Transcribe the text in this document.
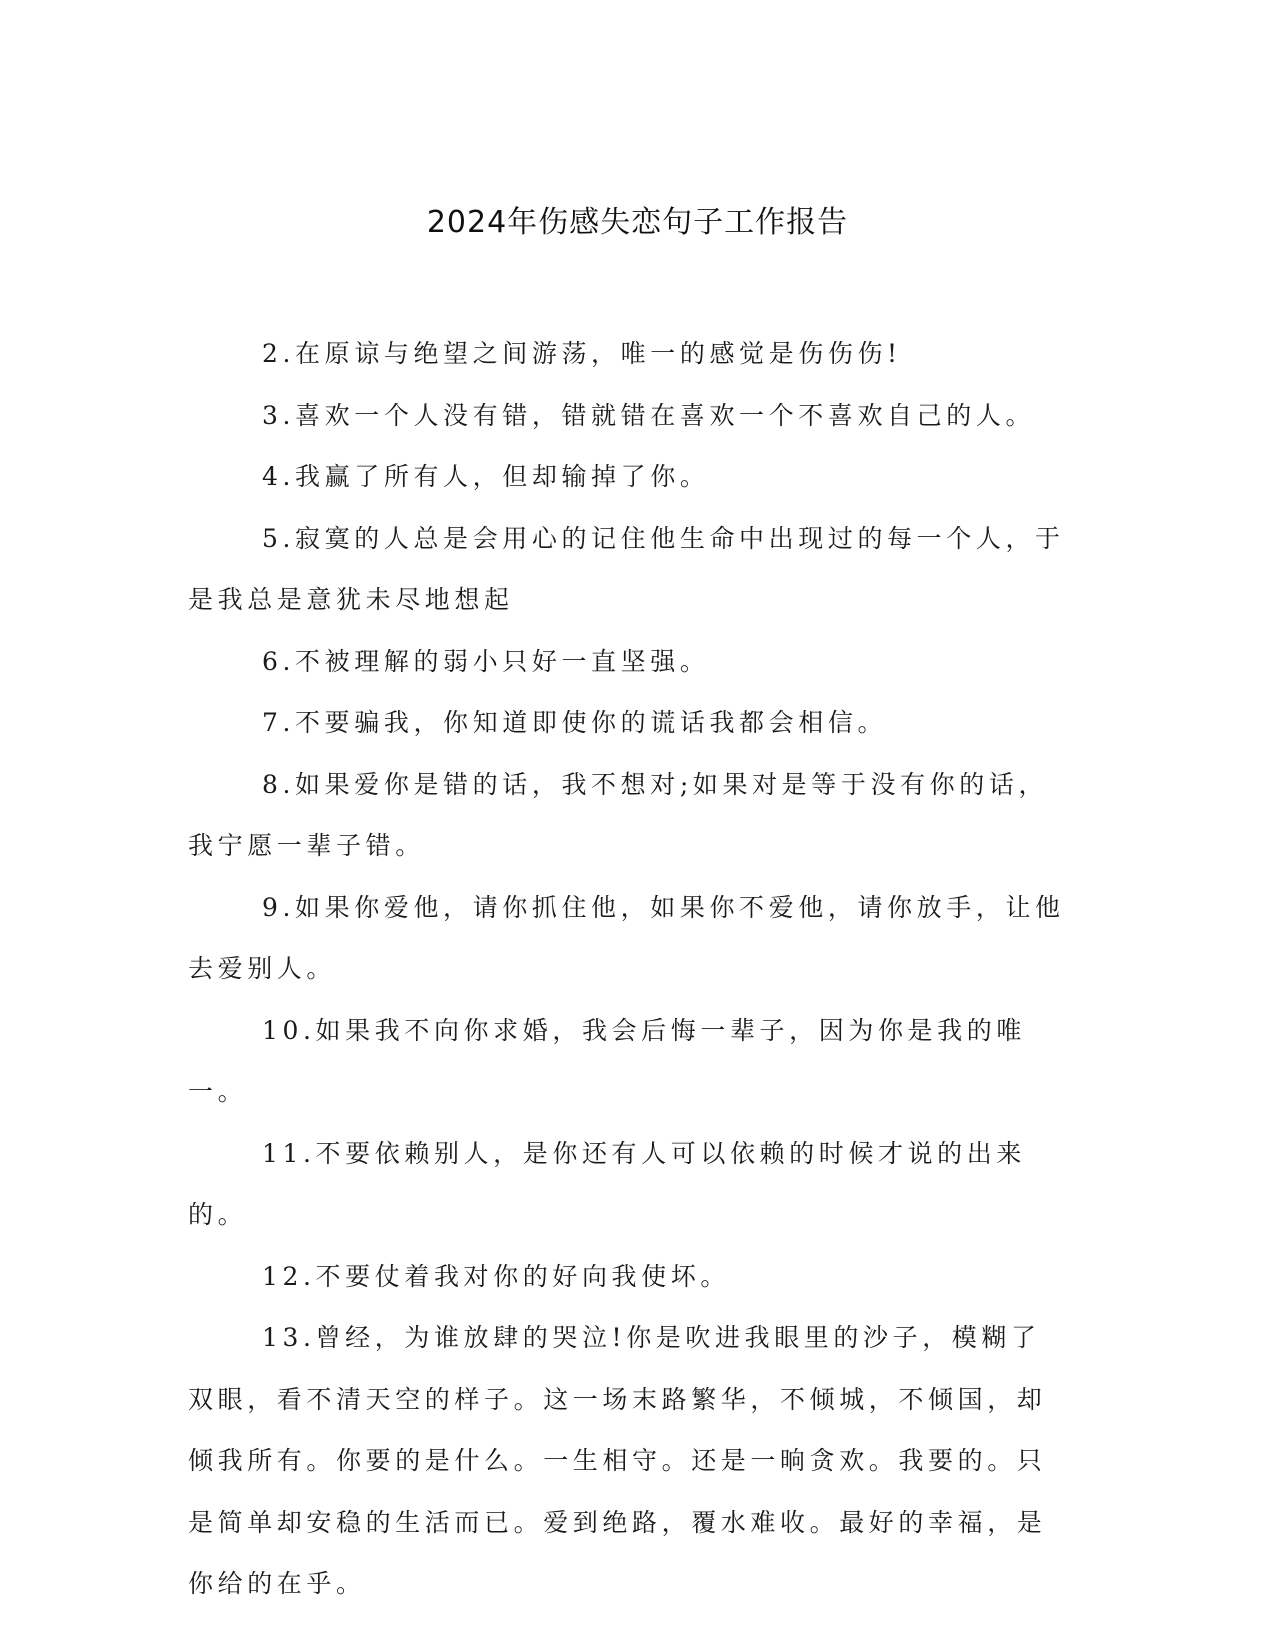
2024年伤感失恋句子工作报告

2.在原谅与绝望之间游荡，唯一的感觉是伤伤伤!

3.喜欢一个人没有错，错就错在喜欢一个不喜欢自己的人。

4.我赢了所有人，但却输掉了你。

5.寂寞的人总是会用心的记住他生命中出现过的每一个人，于是我总是意犹未尽地想起

6.不被理解的弱小只好一直坚强。

7.不要骗我，你知道即使你的谎话我都会相信。

8.如果爱你是错的话，我不想对;如果对是等于没有你的话，我宁愿一辈子错。

9.如果你爱他，请你抓住他，如果你不爱他，请你放手，让他去爱别人。

10.如果我不向你求婚，我会后悔一辈子，因为你是我的唯一。

11.不要依赖别人，是你还有人可以依赖的时候才说的出来的。

12.不要仗着我对你的好向我使坏。

13.曾经，为谁放肆的哭泣!你是吹进我眼里的沙子，模糊了双眼，看不清天空的样子。这一场末路繁华，不倾城，不倾国，却倾我所有。你要的是什么。一生相守。还是一晌贪欢。我要的。只是简单却安稳的生活而已。爱到绝路，覆水难收。最好的幸福，是你给的在乎。
